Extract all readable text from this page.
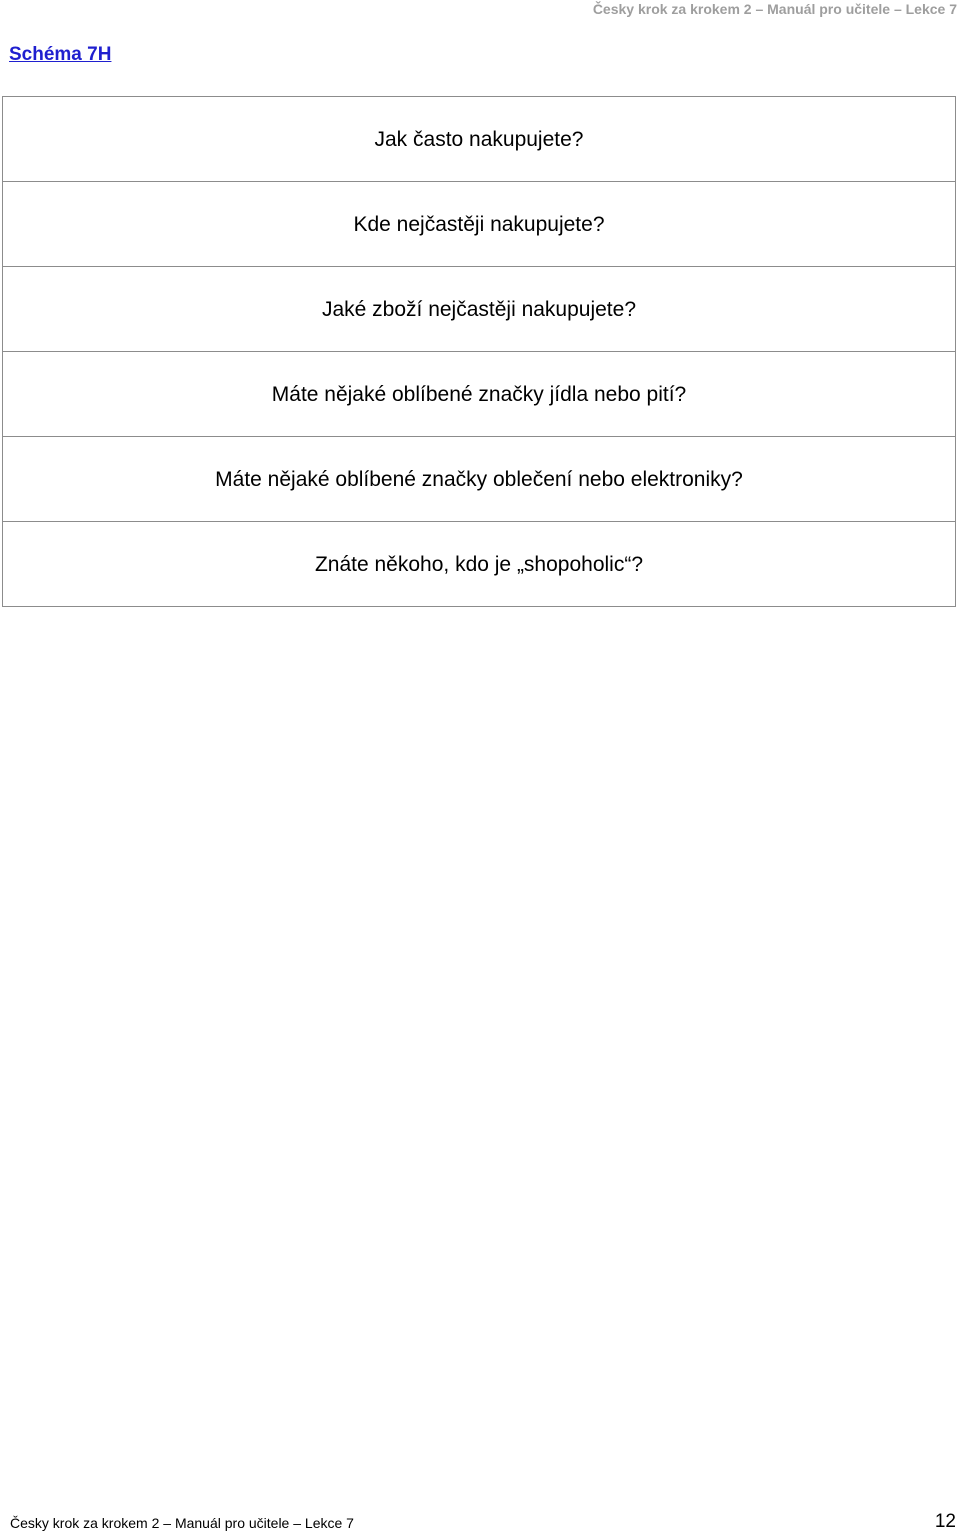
Česky krok za krokem 2 – Manuál pro učitele – Lekce 7
Schéma 7H
Jak často nakupujete?
Kde nejčastěji nakupujete?
Jaké zboží nejčastěji nakupujete?
Máte nějaké oblíbené značky jídla nebo pití?
Máte nějaké oblíbené značky oblečení nebo elektroniky?
Znáte někoho, kdo je „shopoholic“?
Česky krok za krokem 2 – Manuál pro učitele – Lekce 7	12
